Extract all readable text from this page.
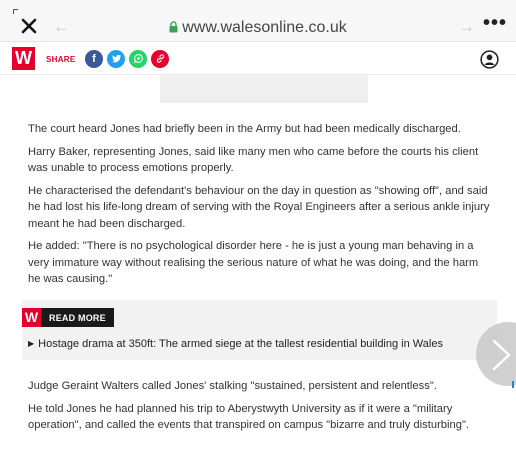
←	www.walesonline.co.uk	→ •••
W	SHARE	f

The court heard Jones had briefly been in the Army but had been medically discharged.

Harry Baker, representing Jones, said like many men who came before the courts his client was unable to process emotions properly.

He characterised the defendant's behaviour on the day in question as "showing off", and said he had lost his life-long dream of serving with the Royal Engineers after a serious ankle injury meant he had been discharged.

He added: "There is no psychological disorder here - he is just a young man behaving in a very immature way without realising the serious nature of what he was doing, and the harm he was causing."

W	READ MORE
▶ Hostage drama at 350ft: The armed siege at the tallest residential building in Wales

Judge Geraint Walters called Jones' stalking "sustained, persistent and relentless".

He told Jones he had planned his trip to Aberystwyth University as if it were a "military operation", and called the events that transpired on campus "bizarre and truly disturbing".
